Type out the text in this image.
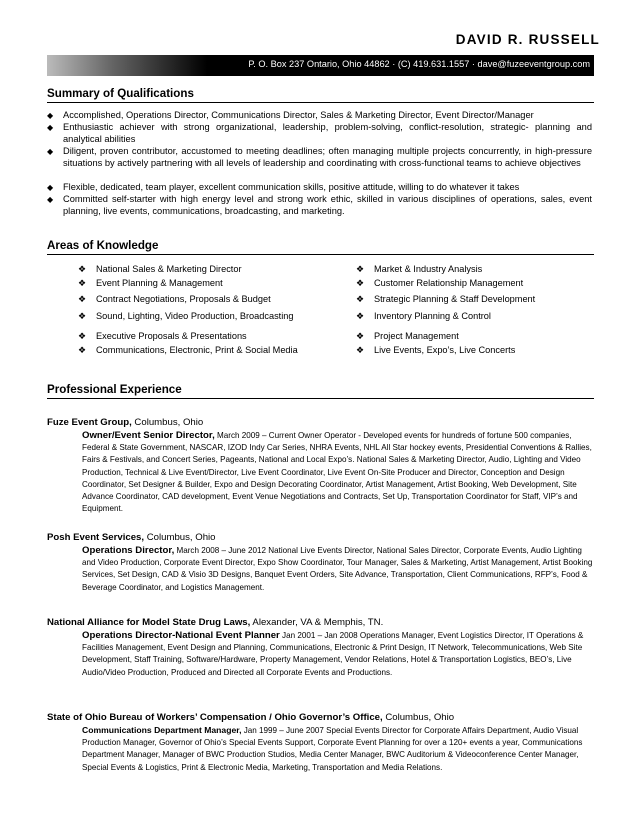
DAVID R. RUSSELL
P. O. Box 237 Ontario, Ohio 44862 · (C) 419.631.1557 · dave@fuzeeventgroup.com
Summary of Qualifications
◆ Accomplished, Operations Director, Communications Director, Sales & Marketing Director, Event Director/Manager
◆ Enthusiastic achiever with strong organizational, leadership, problem-solving, conflict-resolution, strategic- planning and analytical abilities
◆ Diligent, proven contributor, accustomed to meeting deadlines; often managing multiple projects concurrently, in high-pressure situations by actively partnering with all levels of leadership and coordinating with cross-functional teams to achieve objectives
◆ Flexible, dedicated, team player, excellent communication skills, positive attitude, willing to do whatever it takes
◆ Committed self-starter with high energy level and strong work ethic, skilled in various disciplines of operations, sales, event planning, live events, communications, broadcasting, and marketing.
Areas of Knowledge
❖ National Sales & Marketing Director
❖ Event Planning & Management
❖ Contract Negotiations, Proposals & Budget
❖ Sound, Lighting, Video Production, Broadcasting
❖ Executive Proposals & Presentations
❖ Communications, Electronic, Print & Social Media
❖ Market & Industry Analysis
❖ Customer Relationship Management
❖ Strategic Planning & Staff Development
❖ Inventory Planning & Control
❖ Project Management
❖ Live Events, Expo’s, Live Concerts
Professional Experience
Fuze Event Group, Columbus, Ohio
Owner/Event Senior Director, March 2009 – Current Owner Operator - Developed events for hundreds of fortune 500 companies, Federal & State Government, NASCAR, IZOD Indy Car Series, NHRA Events, NHL All Star hockey events, Presidential Conventions & Rallies, Fairs & Festivals, and Concert Series, Pageants, National and Local Expo’s. National Sales & Marketing Director, Audio, Lighting and Video Production, Technical & Live Event/Director, Live Event Coordinator, Live Event On-Site Producer and Director, Conception and Design Coordinator, Set Designer & Builder, Expo and Design Decorating Coordinator, Artist Management, Artist Booking, Web Development, Site Advance Coordinator, CAD development, Event Venue Negotiations and Contracts, Set Up, Transportation Coordinator for Staff, VIP’s and Equipment.
Posh Event Services, Columbus, Ohio
Operations Director, March 2008 – June 2012 National Live Events Director, National Sales Director, Corporate Events, Audio Lighting and Video Production, Corporate Event Director, Expo Show Coordinator, Tour Manager, Sales & Marketing, Artist Management, Artist Booking Services, Set Design, CAD & Visio 3D Designs, Banquet Event Orders, Site Advance, Transportation, Client Communications, RFP’s, Food & Beverage Coordinator, and Logistics Management.
National Alliance for Model State Drug Laws, Alexander, VA & Memphis, TN.
Operations Director-National Event Planner Jan 2001 – Jan 2008 Operations Manager, Event Logistics Director, IT Operations & Facilities Management, Event Design and Planning, Communications, Electronic & Print Design, IT Network, Telecommunications, Web Site Development, Staff Training, Software/Hardware, Property Management, Vendor Relations, Hotel & Transportation Logistics, BEO’s, Live Audio/Video Production, Produced and Directed all Corporate Events and Productions.
State of Ohio Bureau of Workers’ Compensation / Ohio Governor’s Office, Columbus, Ohio
Communications Department Manager, Jan 1999 – June 2007 Special Events Director for Corporate Affairs Department, Audio Visual Production Manager, Governor of Ohio’s Special Events Support, Corporate Event Planning for over a 120+ events a year, Communications Department Manager, Manager of BWC Production Studios, Media Center Manager, BWC Auditorium & Videoconference Center Manager, Special Events & Logistics, Print & Electronic Media, Marketing, Transportation and Media Relations.
